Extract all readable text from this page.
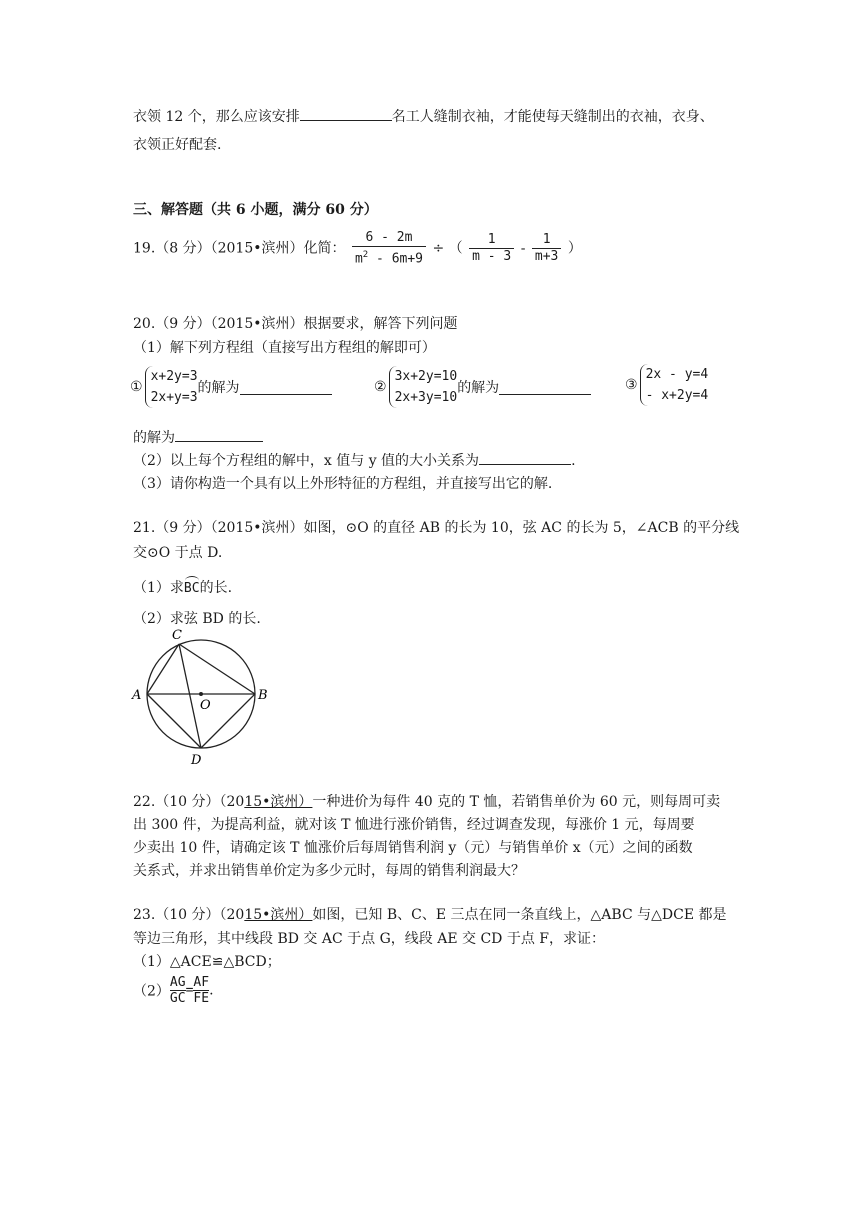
衣领 12 个，那么应该安排	名工人缝制衣袖，才能使每天缝制出的衣袖，衣身、
衣领正好配套.
三、解答题（共 6 小题，满分 60 分）
19.（8 分）（2015•滨州）化简： $\frac{6 - 2m}{m^2 - 6m+9}$ ÷ （ $\frac{1}{m - 3} - \frac{1}{m+3}$ ）
20.（9 分）（2015•滨州）根据要求，解答下列问题
（1）解下列方程组（直接写出方程组的解即可）
①
x+2y=3
2x+y=3
的解为	②
3x+2y=10
2x+3y=10
的解为	③
2x - y=4
- x+2y=4
的解为
（2）以上每个方程组的解中，x 值与 y 值的大小关系为	.
（3）请你构造一个具有以上外形特征的方程组，并直接写出它的解.
21.（9 分）（2015•滨州）如图，⊙O 的直径 AB 的长为 10，弦 AC 的长为 5，∠ACB 的平分线
交⊙O 于点 D.
（1）求BC的长.
（2）求弦 BD 的长.
C
A
O
B
D
22.（10 分）（2015•滨州）一种进价为每件 40 克的 T 恤，若销售单价为 60 元，则每周可卖
出 300 件，为提高利益，就对该 T 恤进行涨价销售，经过调查发现，每涨价 1 元，每周要
少卖出 10 件，请确定该 T 恤涨价后每周销售利润 y（元）与销售单价 x（元）之间的函数
关系式，并求出销售单价定为多少元时，每周的销售利润最大？
23.（10 分）（2015•滨州）如图，已知 B、C、E 三点在同一条直线上，△ABC 与△DCE 都是
等边三角形，其中线段 BD 交 AC 于点 G，线段 AE 交 CD 于点 F，求证：
（1）△ACE≌△BCD；
$(2) \frac{AG}{GC} = \frac{AF}{FE}$ .
